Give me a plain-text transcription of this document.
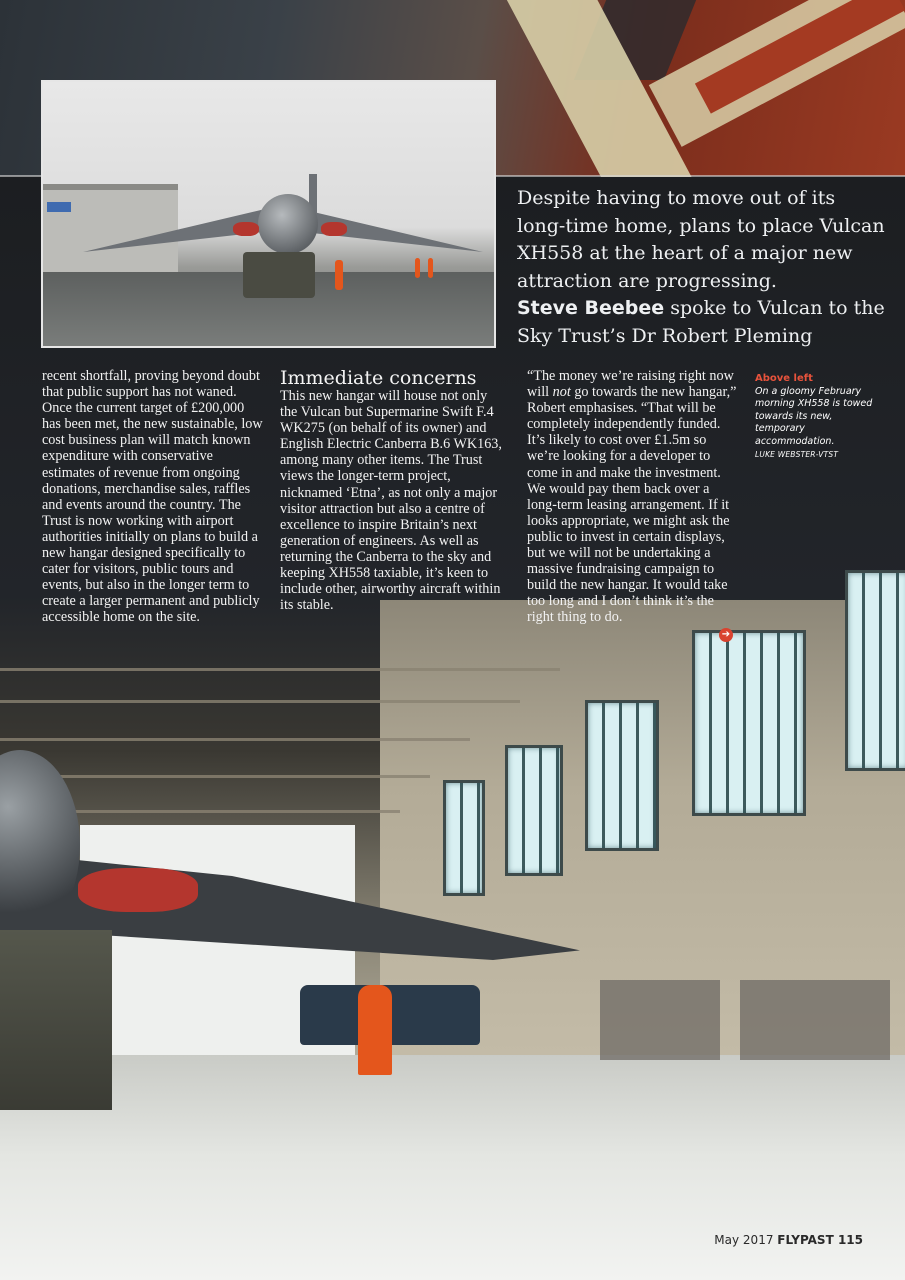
Despite having to move out of its long-time home, plans to place Vulcan XH558 at the heart of a major new attraction are progressing.
Steve Beebee spoke to Vulcan to the Sky Trust’s Dr Robert Pleming

recent shortfall, proving beyond doubt that public support has not waned. Once the current target of £200,000 has been met, the new sustainable, low cost business plan will match known expenditure with conservative estimates of revenue from ongoing donations, merchandise sales, raffles and events around the country. The Trust is now working with airport authorities initially on plans to build a new hangar designed specifically to cater for visitors, public tours and events, but also in the longer term to create a larger permanent and publicly accessible home on the site.

Immediate concerns

This new hangar will house not only the Vulcan but Supermarine Swift F.4 WK275 (on behalf of its owner) and English Electric Canberra B.6 WK163, among many other items. The Trust views the longer-term project, nicknamed ‘Etna’, as not only a major visitor attraction but also a centre of excellence to inspire Britain’s next generation of engineers. As well as returning the Canberra to the sky and keeping XH558 taxiable, it’s keen to include other, airworthy aircraft within its stable.

“The money we’re raising right now will not go towards the new hangar,” Robert emphasises. “That will be completely independently funded. It’s likely to cost over £1.5m so we’re looking for a developer to come in and make the investment. We would pay them back over a long-term leasing arrangement. If it looks appropriate, we might ask the public to invest in certain displays, but we will not be undertaking a massive fundraising campaign to build the new hangar. It would take too long and I don’t think it’s the right thing to do.

➔
Above left
On a gloomy February morning XH558 is towed towards its new, temporary accommodation.
LUKE WEBSTER-VTST
May 2017 FLYPAST 115
